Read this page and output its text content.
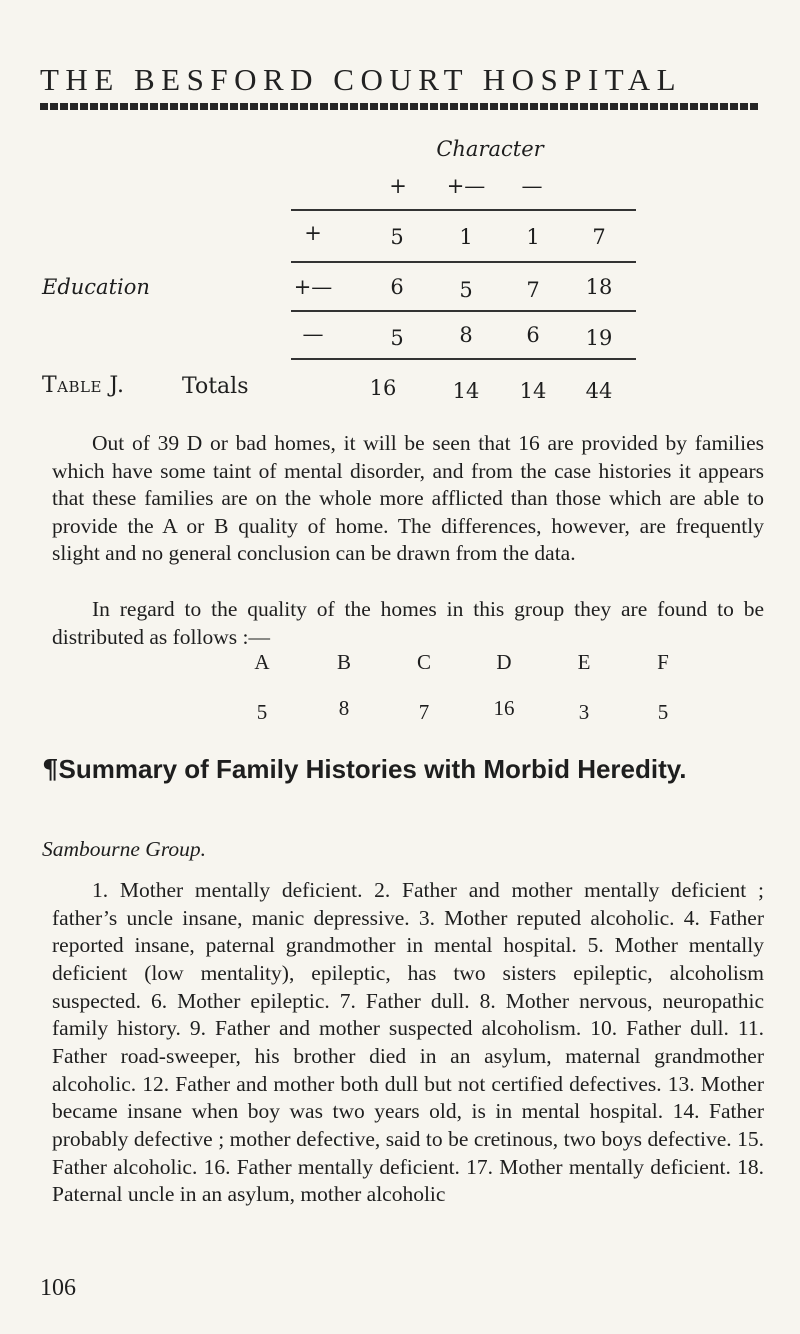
THE BESFORD COURT HOSPITAL
Character
+	+—	—
+	5	1	1	7
Education	+—	6	5	7	18
—	5	8	6	19
Table J.	Totals	16	14	14	44

Out of 39 D or bad homes, it will be seen that 16 are provided by families which have some taint of mental disorder, and from the case histories it appears that these families are on the whole more afflicted than those which are able to provide the A or B quality of home. The differences, however, are frequently slight and no general conclusion can be drawn from the data.

In regard to the quality of the homes in this group they are found to be distributed as follows :—

A	B	C	D	E	F
5	8	7	16	3	5
¶Summary of Family Histories with Morbid Heredity.
Sambourne Group.

1. Mother mentally deficient. 2. Father and mother mentally deficient ; father’s uncle insane, manic depressive. 3. Mother reputed alcoholic. 4. Father reported insane, paternal grandmother in mental hospital. 5. Mother mentally deficient (low mentality), epileptic, has two sisters epileptic, alcoholism suspected. 6. Mother epileptic. 7. Father dull. 8. Mother nervous, neuropathic family history. 9. Father and mother suspected alcoholism. 10. Father dull. 11. Father road-sweeper, his brother died in an asylum, maternal grandmother alcoholic. 12. Father and mother both dull but not certified defectives. 13. Mother became insane when boy was two years old, is in mental hospital. 14. Father probably defective ; mother defective, said to be cretinous, two boys defective. 15. Father alcoholic. 16. Father mentally deficient. 17. Mother mentally deficient. 18. Paternal uncle in an asylum, mother alcoholic

106
